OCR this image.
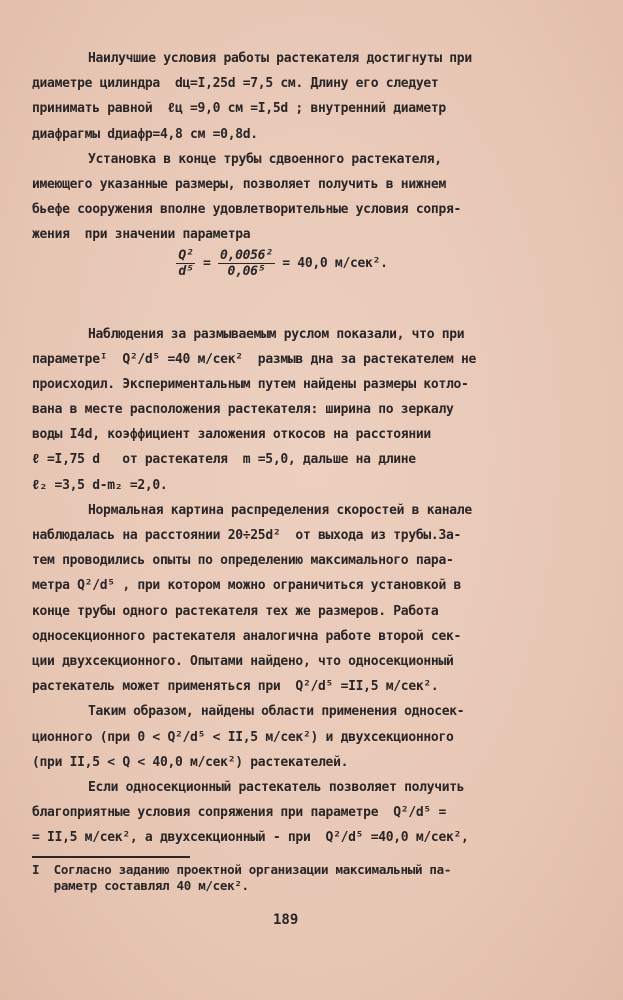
Наилучшие условия работы растекателя достигнуты при
диаметре цилиндра  dц=I,25d =7,5 см. Длину его следует
принимать равной  ℓц =9,0 см =I,5d ; внутренний диаметр
диафрагмы dдиафр=4,8 см =0,8d.
Установка в конце трубы сдвоенного растекателя,
имеющего указанные размеры, позволяет получить в нижнем
бьефе сооружения вполне удовлетворительные условия сопря-
жения  при значении параметра
$\frac{\text{Q²}}{\text{d⁵}} = \frac{\text{0,0056²}}{\text{0,06⁵}} = 40,0$ м/сек².
Наблюдения за размываемым руслом показали, что при
параметреᴵ  Q²/d⁵ =40 м/сек²  размыв дна за растекателем не
происходил. Экспериментальным путем найдены размеры котло-
вана в месте расположения растекателя: ширина по зеркалу
воды I4d, коэффициент заложения откосов на расстоянии
ℓ =I,75 d   от растекателя  m =5,0, дальше на длине
ℓ₂ =3,5 d-m₂ =2,0.
Нормальная картина распределения скоростей в канале
наблюдалась на расстоянии 20÷25d²  от выхода из трубы.За-
тем проводились опыты по определению максимального пара-
метра Q²/d⁵ , при котором можно ограничиться установкой в
конце трубы одного растекателя тех же размеров. Работа
односекционного растекателя аналогична работе второй сек-
ции двухсекционного. Опытами найдено, что односекционный
растекатель может применяться при  Q²/d⁵ =II,5 м/сек².
Таким образом, найдены области применения односек-
ционного (при 0 < Q²/d⁵ < II,5 м/сек²) и двухсекционного
(при II,5 < Q < 40,0 м/сек²) растекателей.
Если односекционный растекатель позволяет получить
благоприятные условия сопряжения при параметре  Q²/d⁵ =
= II,5 м/сек², а двухсекционный - при  Q²/d⁵ =40,0 м/сек²,
I  Согласно заданию проектной организации максимальный па-
раметр составлял 40 м/сек².
189
